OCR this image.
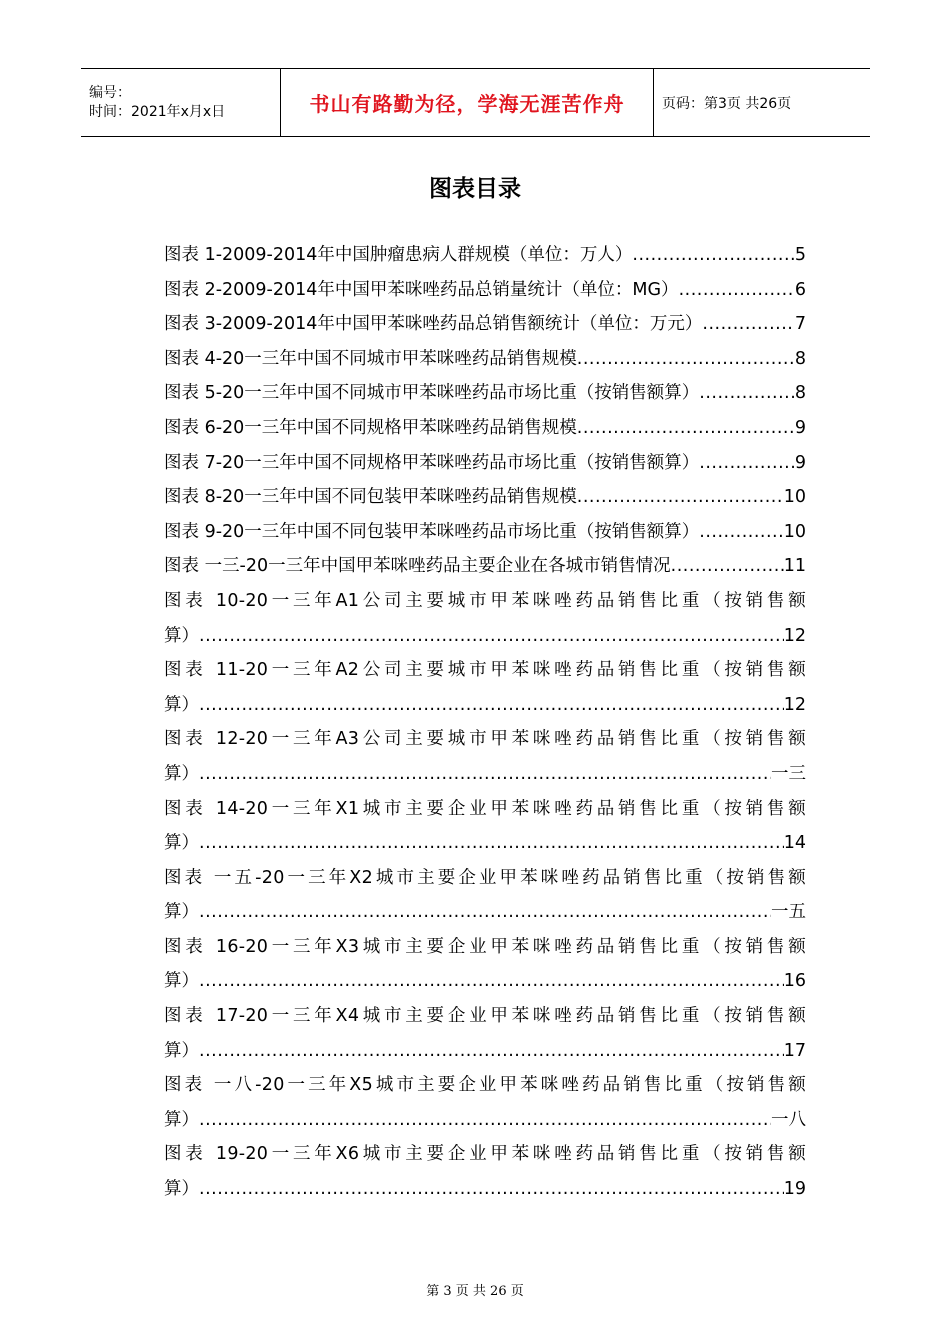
编号：
时间：2021年x月x日	书山有路勤为径，学海无涯苦作舟	页码：第3页 共26页
图表目录
图表 1-2009-2014年中国肿瘤患病人群规模（单位：万人） .....	5
图表 2-2009-2014年中国甲苯咪唑药品总销量统计（单位：MG） .....	6
图表 3-2009-2014年中国甲苯咪唑药品总销售额统计（单位：万元） .....	7
图表 4-20一三年中国不同城市甲苯咪唑药品销售规模 .....	8
图表 5-20一三年中国不同城市甲苯咪唑药品市场比重（按销售额算） .....	8
图表 6-20一三年中国不同规格甲苯咪唑药品销售规模 .....	9
图表 7-20一三年中国不同规格甲苯咪唑药品市场比重（按销售额算） .....	9
图表 8-20一三年中国不同包装甲苯咪唑药品销售规模 .....	10
图表 9-20一三年中国不同包装甲苯咪唑药品市场比重（按销售额算） .....	10
图表 一三-20一三年中国甲苯咪唑药品主要企业在各城市销售情况 .....	11
图表 10-20一三年A1公司主要城市甲苯咪唑药品销售比重（按销售额
算） .....	12
图表 11-20一三年A2公司主要城市甲苯咪唑药品销售比重（按销售额
算） .....	12
图表 12-20一三年A3公司主要城市甲苯咪唑药品销售比重（按销售额
算） .....	一三
图表 14-20一三年X1城市主要企业甲苯咪唑药品销售比重（按销售额
算） .....	14
图表 一五-20一三年X2城市主要企业甲苯咪唑药品销售比重（按销售额
算） .....	一五
图表 16-20一三年X3城市主要企业甲苯咪唑药品销售比重（按销售额
算） .....	16
图表 17-20一三年X4城市主要企业甲苯咪唑药品销售比重（按销售额
算） .....	17
图表 一八-20一三年X5城市主要企业甲苯咪唑药品销售比重（按销售额
算） .....	一八
图表 19-20一三年X6城市主要企业甲苯咪唑药品销售比重（按销售额
算） .....	19
第 3 页 共 26 页
